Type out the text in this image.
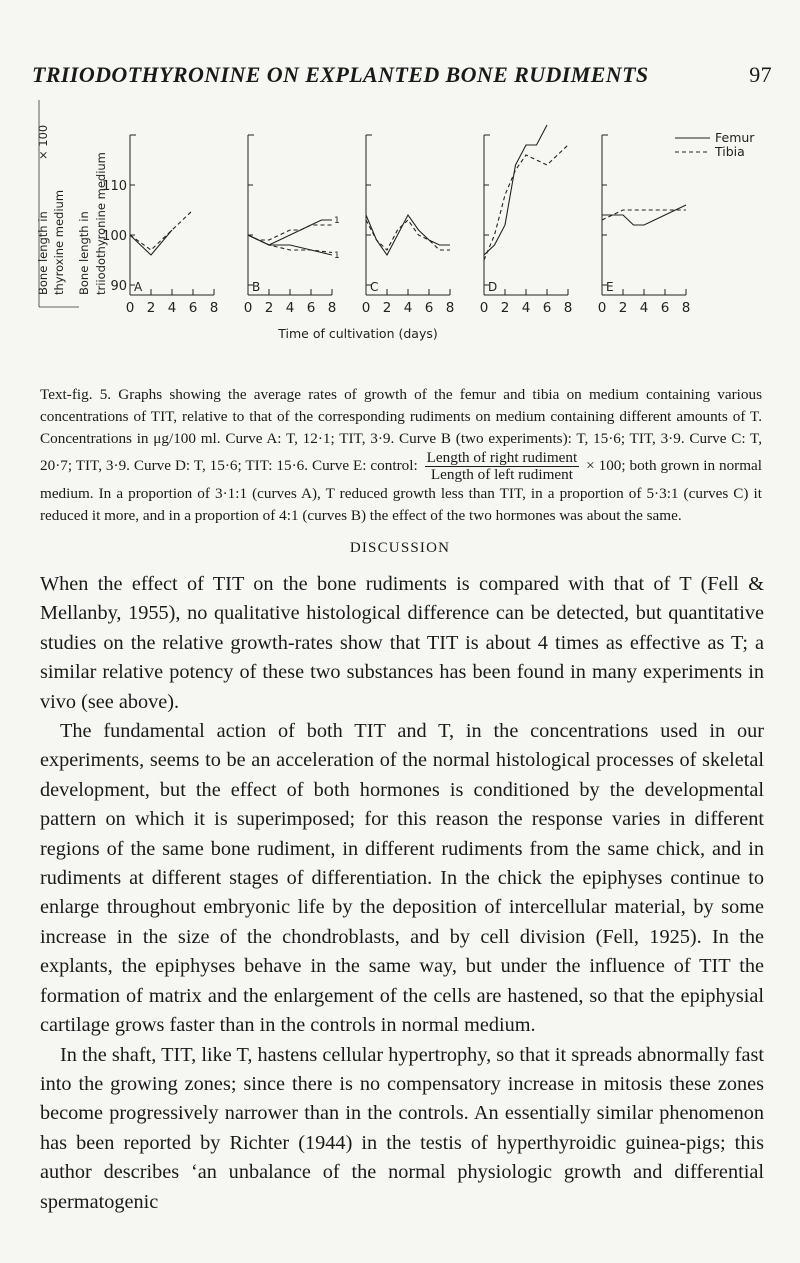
TRIIODOTHYRONINE ON EXPLANTED BONE RUDIMENTS	97
Bone length in thyroxine medium Bone length in triiodothyronine medium
× 100
90
100
110
0 2 4 6 8
A
0 2 4 6 8
B
1
1
0 2 4 6 8
C
0 2 4 6 8
D
0 2 4 6 8
E
Femur
Tibia
Time of cultivation (days)
Text-fig. 5. Graphs showing the average rates of growth of the femur and tibia on medium containing various concentrations of TIT, relative to that of the corresponding rudiments on medium containing different amounts of T. Concentrations in μg/100 ml. Curve A: T, 12·1; TIT, 3·9. Curve B (two experiments): T, 15·6; TIT, 3·9. Curve C: T, 20·7; TIT, 3·9. Curve D: T, 15·6; TIT: 15·6. Curve E: control: $\frac{\text{Length of right rudiment}}{\text{Length of left rudiment}} \times 100$; both grown in normal medium. In a proportion of 3·1:1 (curves A), T reduced growth less than TIT, in a proportion of 5·3:1 (curves C) it reduced it more, and in a proportion of 4:1 (curves B) the effect of the two hormones was about the same.
DISCUSSION

When the effect of TIT on the bone rudiments is compared with that of T (Fell & Mellanby, 1955), no qualitative histological difference can be detected, but quantitative studies on the relative growth-rates show that TIT is about 4 times as effective as T; a similar relative potency of these two substances has been found in many experiments in vivo (see above).

The fundamental action of both TIT and T, in the concentrations used in our experiments, seems to be an acceleration of the normal histological processes of skeletal development, but the effect of both hormones is conditioned by the developmental pattern on which it is superimposed; for this reason the response varies in different regions of the same bone rudiment, in different rudiments from the same chick, and in rudiments at different stages of differentiation. In the chick the epiphyses continue to enlarge throughout embryonic life by the deposition of intercellular material, by some increase in the size of the chondroblasts, and by cell division (Fell, 1925). In the explants, the epiphyses behave in the same way, but under the influence of TIT the formation of matrix and the enlargement of the cells are hastened, so that the epiphysial cartilage grows faster than in the controls in normal medium.

In the shaft, TIT, like T, hastens cellular hypertrophy, so that it spreads abnormally fast into the growing zones; since there is no compensatory increase in mitosis these zones become progressively narrower than in the controls. An essentially similar phenomenon has been reported by Richter (1944) in the testis of hyperthyroidic guinea-pigs; this author describes ‘an unbalance of the normal physiologic growth and differential spermatogenic
